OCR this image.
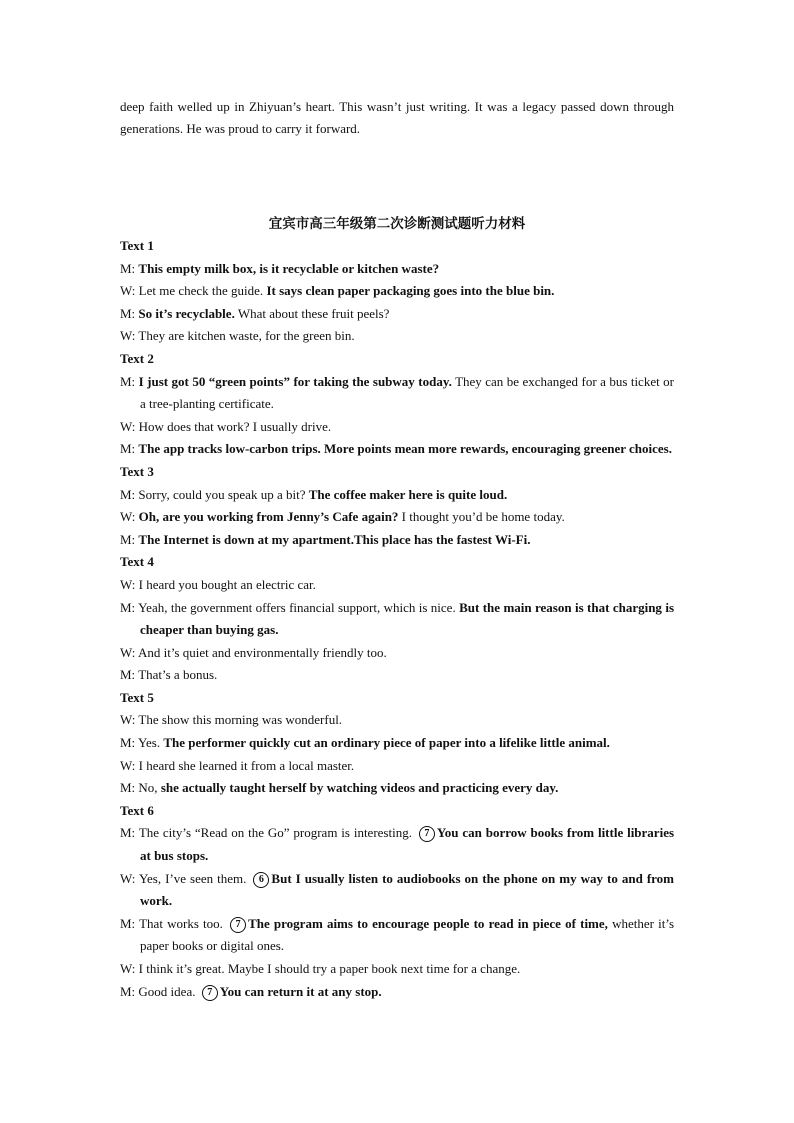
deep faith welled up in Zhiyuan’s heart. This wasn’t just writing. It was a legacy passed down through generations. He was proud to carry it forward.

宜宾市高三年级第二次诊断测试题听力材料
Text 1
M: This empty milk box, is it recyclable or kitchen waste?
W: Let me check the guide. It says clean paper packaging goes into the blue bin.
M: So it’s recyclable. What about these fruit peels?
W: They are kitchen waste, for the green bin.
Text 2
M: I just got 50 “green points” for taking the subway today. They can be exchanged for a bus ticket or a tree-planting certificate.
W: How does that work? I usually drive.
M: The app tracks low-carbon trips. More points mean more rewards, encouraging greener choices.
Text 3
M: Sorry, could you speak up a bit? The coffee maker here is quite loud.
W: Oh, are you working from Jenny’s Cafe again? I thought you’d be home today.
M: The Internet is down at my apartment.This place has the fastest Wi-Fi.
Text 4
W: I heard you bought an electric car.
M: Yeah, the government offers financial support, which is nice. But the main reason is that charging is cheaper than buying gas.
W: And it’s quiet and environmentally friendly too.
M: That’s a bonus.
Text 5
W: The show this morning was wonderful.
M: Yes. The performer quickly cut an ordinary piece of paper into a lifelike little animal.
W: I heard she learned it from a local master.
M: No, she actually taught herself by watching videos and practicing every day.
Text 6
M: The city’s “Read on the Go” program is interesting. 7 You can borrow books from little libraries at bus stops.
W: Yes, I’ve seen them. 6 But I usually listen to audiobooks on the phone on my way to and from work.
M: That works too. 7 The program aims to encourage people to read in piece of time, whether it’s paper books or digital ones.
W: I think it’s great. Maybe I should try a paper book next time for a change.
M: Good idea. 7 You can return it at any stop.
